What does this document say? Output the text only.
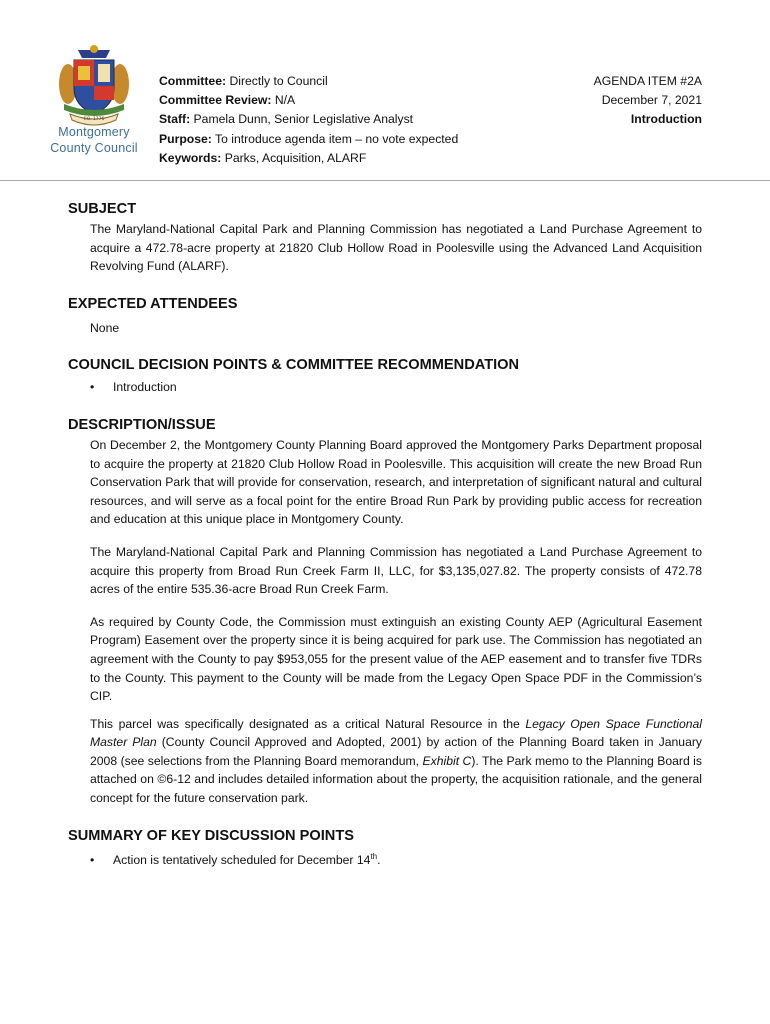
CO. 1776
Montgomery
County Council
Committee: Directly to Council
Committee Review: N/A
Staff: Pamela Dunn, Senior Legislative Analyst
Purpose: To introduce agenda item – no vote expected
Keywords: Parks, Acquisition, ALARF
AGENDA ITEM #2A
December 7, 2021
Introduction
SUBJECT

The Maryland-National Capital Park and Planning Commission has negotiated a Land Purchase Agreement to acquire a 472.78-acre property at 21820 Club Hollow Road in Poolesville using the Advanced Land Acquisition Revolving Fund (ALARF).

EXPECTED ATTENDEES

None

COUNCIL DECISION POINTS & COMMITTEE RECOMMENDATION
• Introduction
DESCRIPTION/ISSUE

On December 2, the Montgomery County Planning Board approved the Montgomery Parks Department proposal to acquire the property at 21820 Club Hollow Road in Poolesville. This acquisition will create the new Broad Run Conservation Park that will provide for conservation, research, and interpretation of significant natural and cultural resources, and will serve as a focal point for the entire Broad Run Park by providing public access for recreation and education at this unique place in Montgomery County.

The Maryland-National Capital Park and Planning Commission has negotiated a Land Purchase Agreement to acquire this property from Broad Run Creek Farm II, LLC, for $3,135,027.82. The property consists of 472.78 acres of the entire 535.36-acre Broad Run Creek Farm.

As required by County Code, the Commission must extinguish an existing County AEP (Agricultural Easement Program) Easement over the property since it is being acquired for park use. The Commission has negotiated an agreement with the County to pay $953,055 for the present value of the AEP easement and to transfer five TDRs to the County. This payment to the County will be made from the Legacy Open Space PDF in the Commission’s CIP.

This parcel was specifically designated as a critical Natural Resource in the Legacy Open Space Functional Master Plan (County Council Approved and Adopted, 2001) by action of the Planning Board taken in January 2008 (see selections from the Planning Board memorandum, Exhibit C). The Park memo to the Planning Board is attached on ©6-12 and includes detailed information about the property, the acquisition rationale, and the general concept for the future conservation park.

SUMMARY OF KEY DISCUSSION POINTS
• Action is tentatively scheduled for December 14th.
